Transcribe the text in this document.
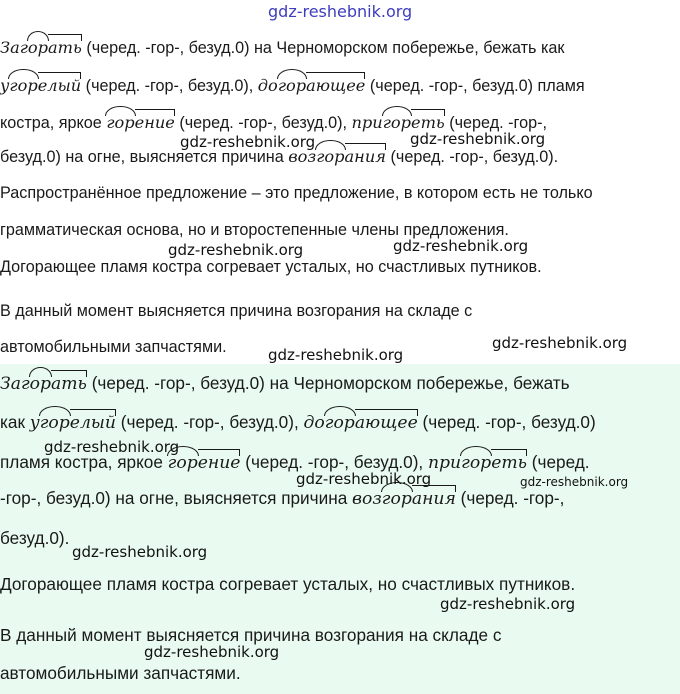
gdz-reshebnik.org
Загорать (черед. -гор-, безуд.0) на Черноморском побережье, бежать как
угорелый (черед. -гор-, безуд.0), догорающее (черед. -гор-, безуд.0) пламя
костра, яркое горение (черед. -гор-, безуд.0), пригореть (черед. -гор-,
безуд.0) на огне, выясняется причина возгорания (черед. -гор-, безуд.0).
Распространённое предложение – это предложение, в котором есть не только
грамматическая основа, но и второстепенные члены предложения.
Догорающее пламя костра согревает усталых, но счастливых путников.
В данный момент выясняется причина возгорания на складе с
автомобильными запчастями.
gdz-reshebnik.org	gdz-reshebnik.org
gdz-reshebnik.org	gdz-reshebnik.org
gdz-reshebnik.org
gdz-reshebnik.org
Загорать (черед. -гор-, безуд.0) на Черноморском побережье, бежать
как угорелый (черед. -гор-, безуд.0), догорающее (черед. -гор-, безуд.0)
пламя костра, яркое горение (черед. -гор-, безуд.0), пригореть (черед.
-гор-, безуд.0) на огне, выясняется причина возгорания (черед. -гор-,
безуд.0).
Догорающее пламя костра согревает усталых, но счастливых путников.
В данный момент выясняется причина возгорания на складе с
автомобильными запчастями.
gdz-reshebnik.org
gdz-reshebnik.org	gdz-reshebnik.org
gdz-reshebnik.org
gdz-reshebnik.org
gdz-reshebnik.org
